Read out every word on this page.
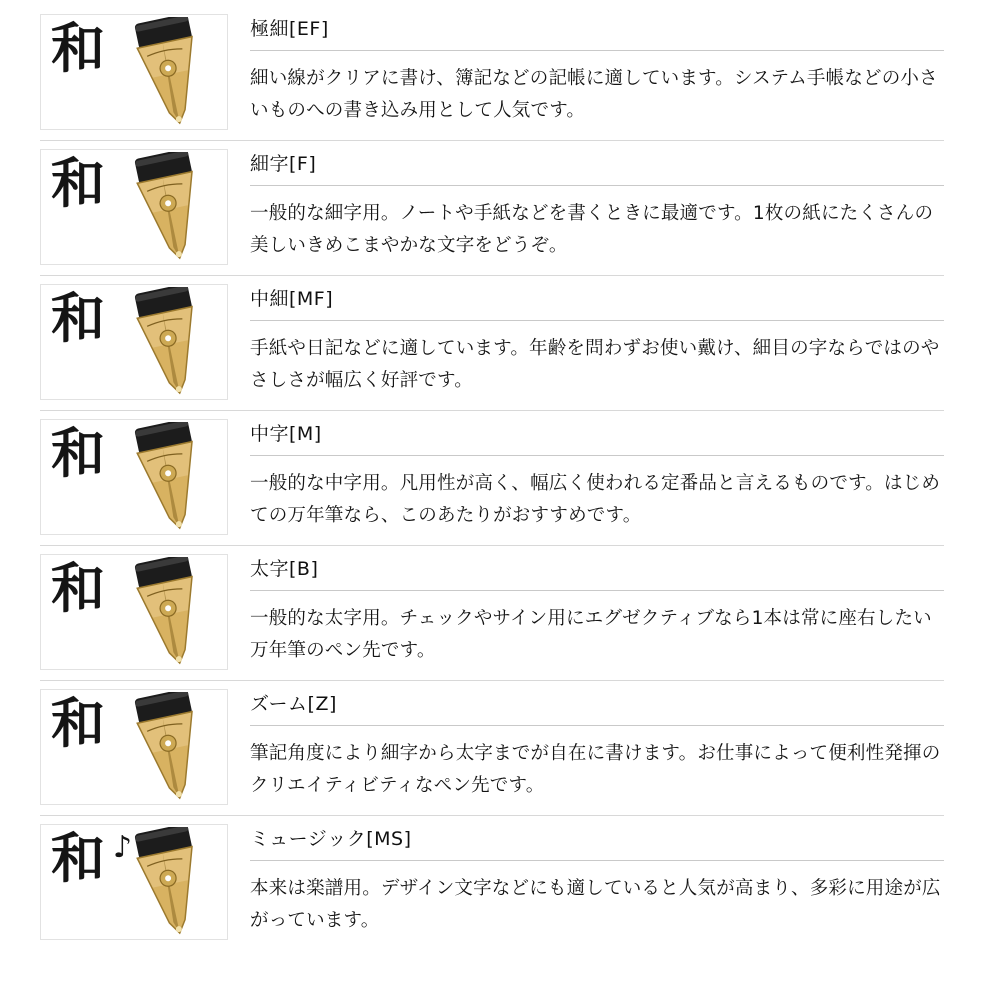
和	極細[EF]
細い線がクリアに書け、簿記などの記帳に適しています。システム手帳などの小さいものへの書き込み用として人気です。
和	細字[F]
一般的な細字用。ノートや手紙などを書くときに最適です。1枚の紙にたくさんの美しいきめこまやかな文字をどうぞ。
和	中細[MF]
手紙や日記などに適しています。年齢を問わずお使い戴け、細目の字ならではのやさしさが幅広く好評です。
和	中字[M]
一般的な中字用。凡用性が高く、幅広く使われる定番品と言えるものです。はじめての万年筆なら、このあたりがおすすめです。
和	太字[B]
一般的な太字用。チェックやサイン用にエグゼクティブなら1本は常に座右したい万年筆のペン先です。
和	ズーム[Z]
筆記角度により細字から太字までが自在に書けます。お仕事によって便利性発揮のクリエイティビティなペン先です。
和 ♪	ミュージック[MS]
本来は楽譜用。デザイン文字などにも適していると人気が高まり、多彩に用途が広がっています。
